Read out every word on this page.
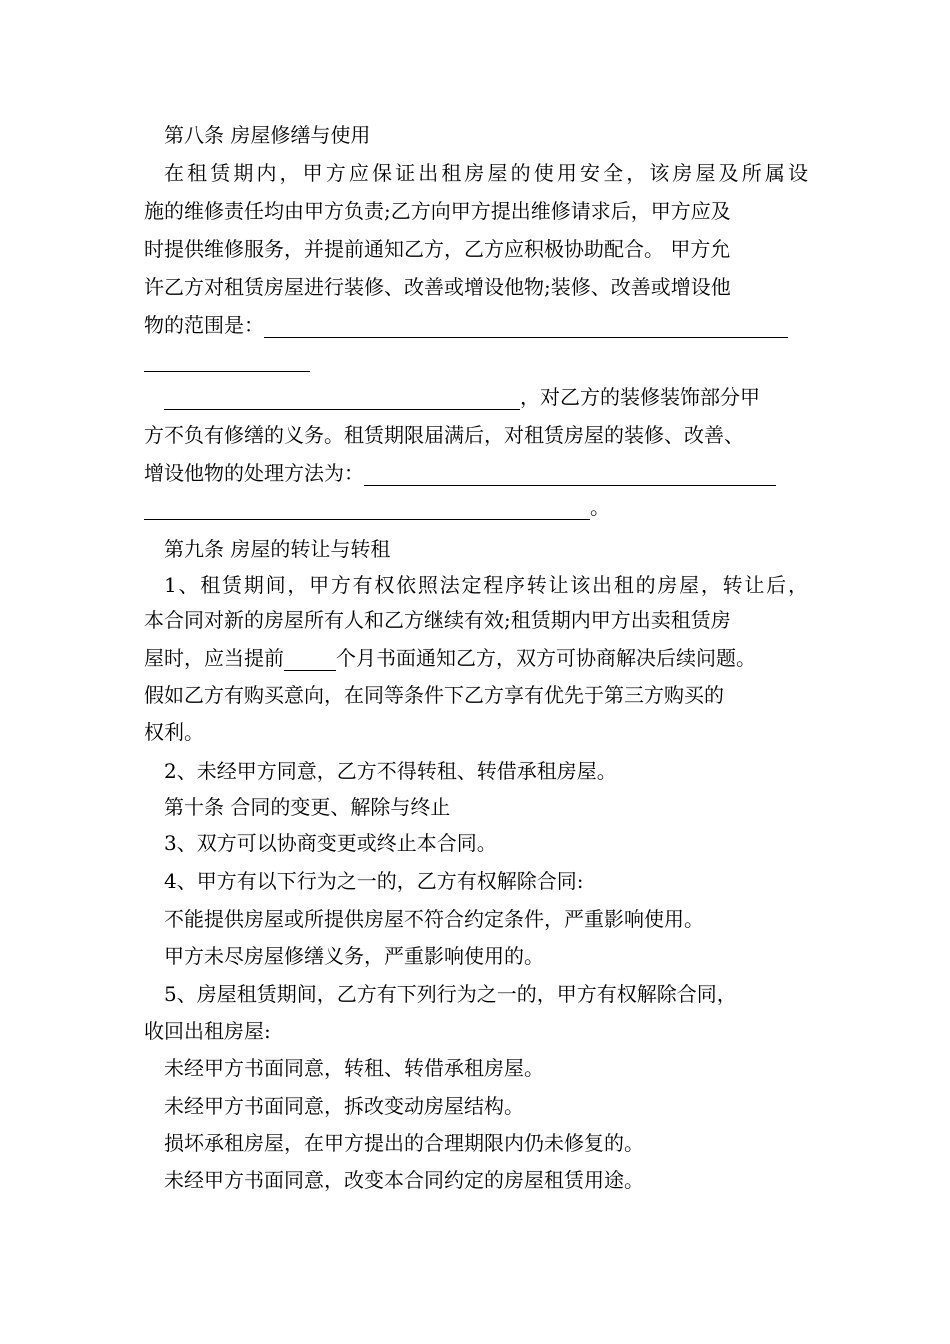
第八条 房屋修缮与使用
在 租 赁 期 内 ， 甲 方 应 保 证 出 租 房 屋 的 使 用 安 全 ， 该 房 屋 及 所 属 设
施的维修责任均由甲方负责;乙方向甲方提出维修请求后，甲方应及
时提供维修服务，并提前通知乙方，乙方应积极协助配合。 甲方允
许乙方对租赁房屋进行装修、改善或增设他物;装修、改善或增设他
物的范围是：
，对乙方的装修装饰部分甲
方不负有修缮的义务。租赁期限届满后，对租赁房屋的装修、改善、
增设他物的处理方法为：
。
第九条 房屋的转让与转租
1 、 租 赁 期 间 ， 甲 方 有 权 依 照 法 定 程 序 转 让 该 出 租 的 房 屋 ， 转 让 后 ，
本合同对新的房屋所有人和乙方继续有效;租赁期内甲方出卖租赁房
屋时，应当提前	个月书面通知乙方，双方可协商解决后续问题。
假如乙方有购买意向，在同等条件下乙方享有优先于第三方购买的
权利。
2、未经甲方同意，乙方不得转租、转借承租房屋。
第十条 合同的变更、解除与终止
3、双方可以协商变更或终止本合同。
4、甲方有以下行为之一的，乙方有权解除合同:
不能提供房屋或所提供房屋不符合约定条件，严重影响使用。
甲方未尽房屋修缮义务，严重影响使用的。
5、房屋租赁期间，乙方有下列行为之一的，甲方有权解除合同，
收回出租房屋:
未经甲方书面同意，转租、转借承租房屋。
未经甲方书面同意，拆改变动房屋结构。
损坏承租房屋，在甲方提出的合理期限内仍未修复的。
未经甲方书面同意，改变本合同约定的房屋租赁用途。
